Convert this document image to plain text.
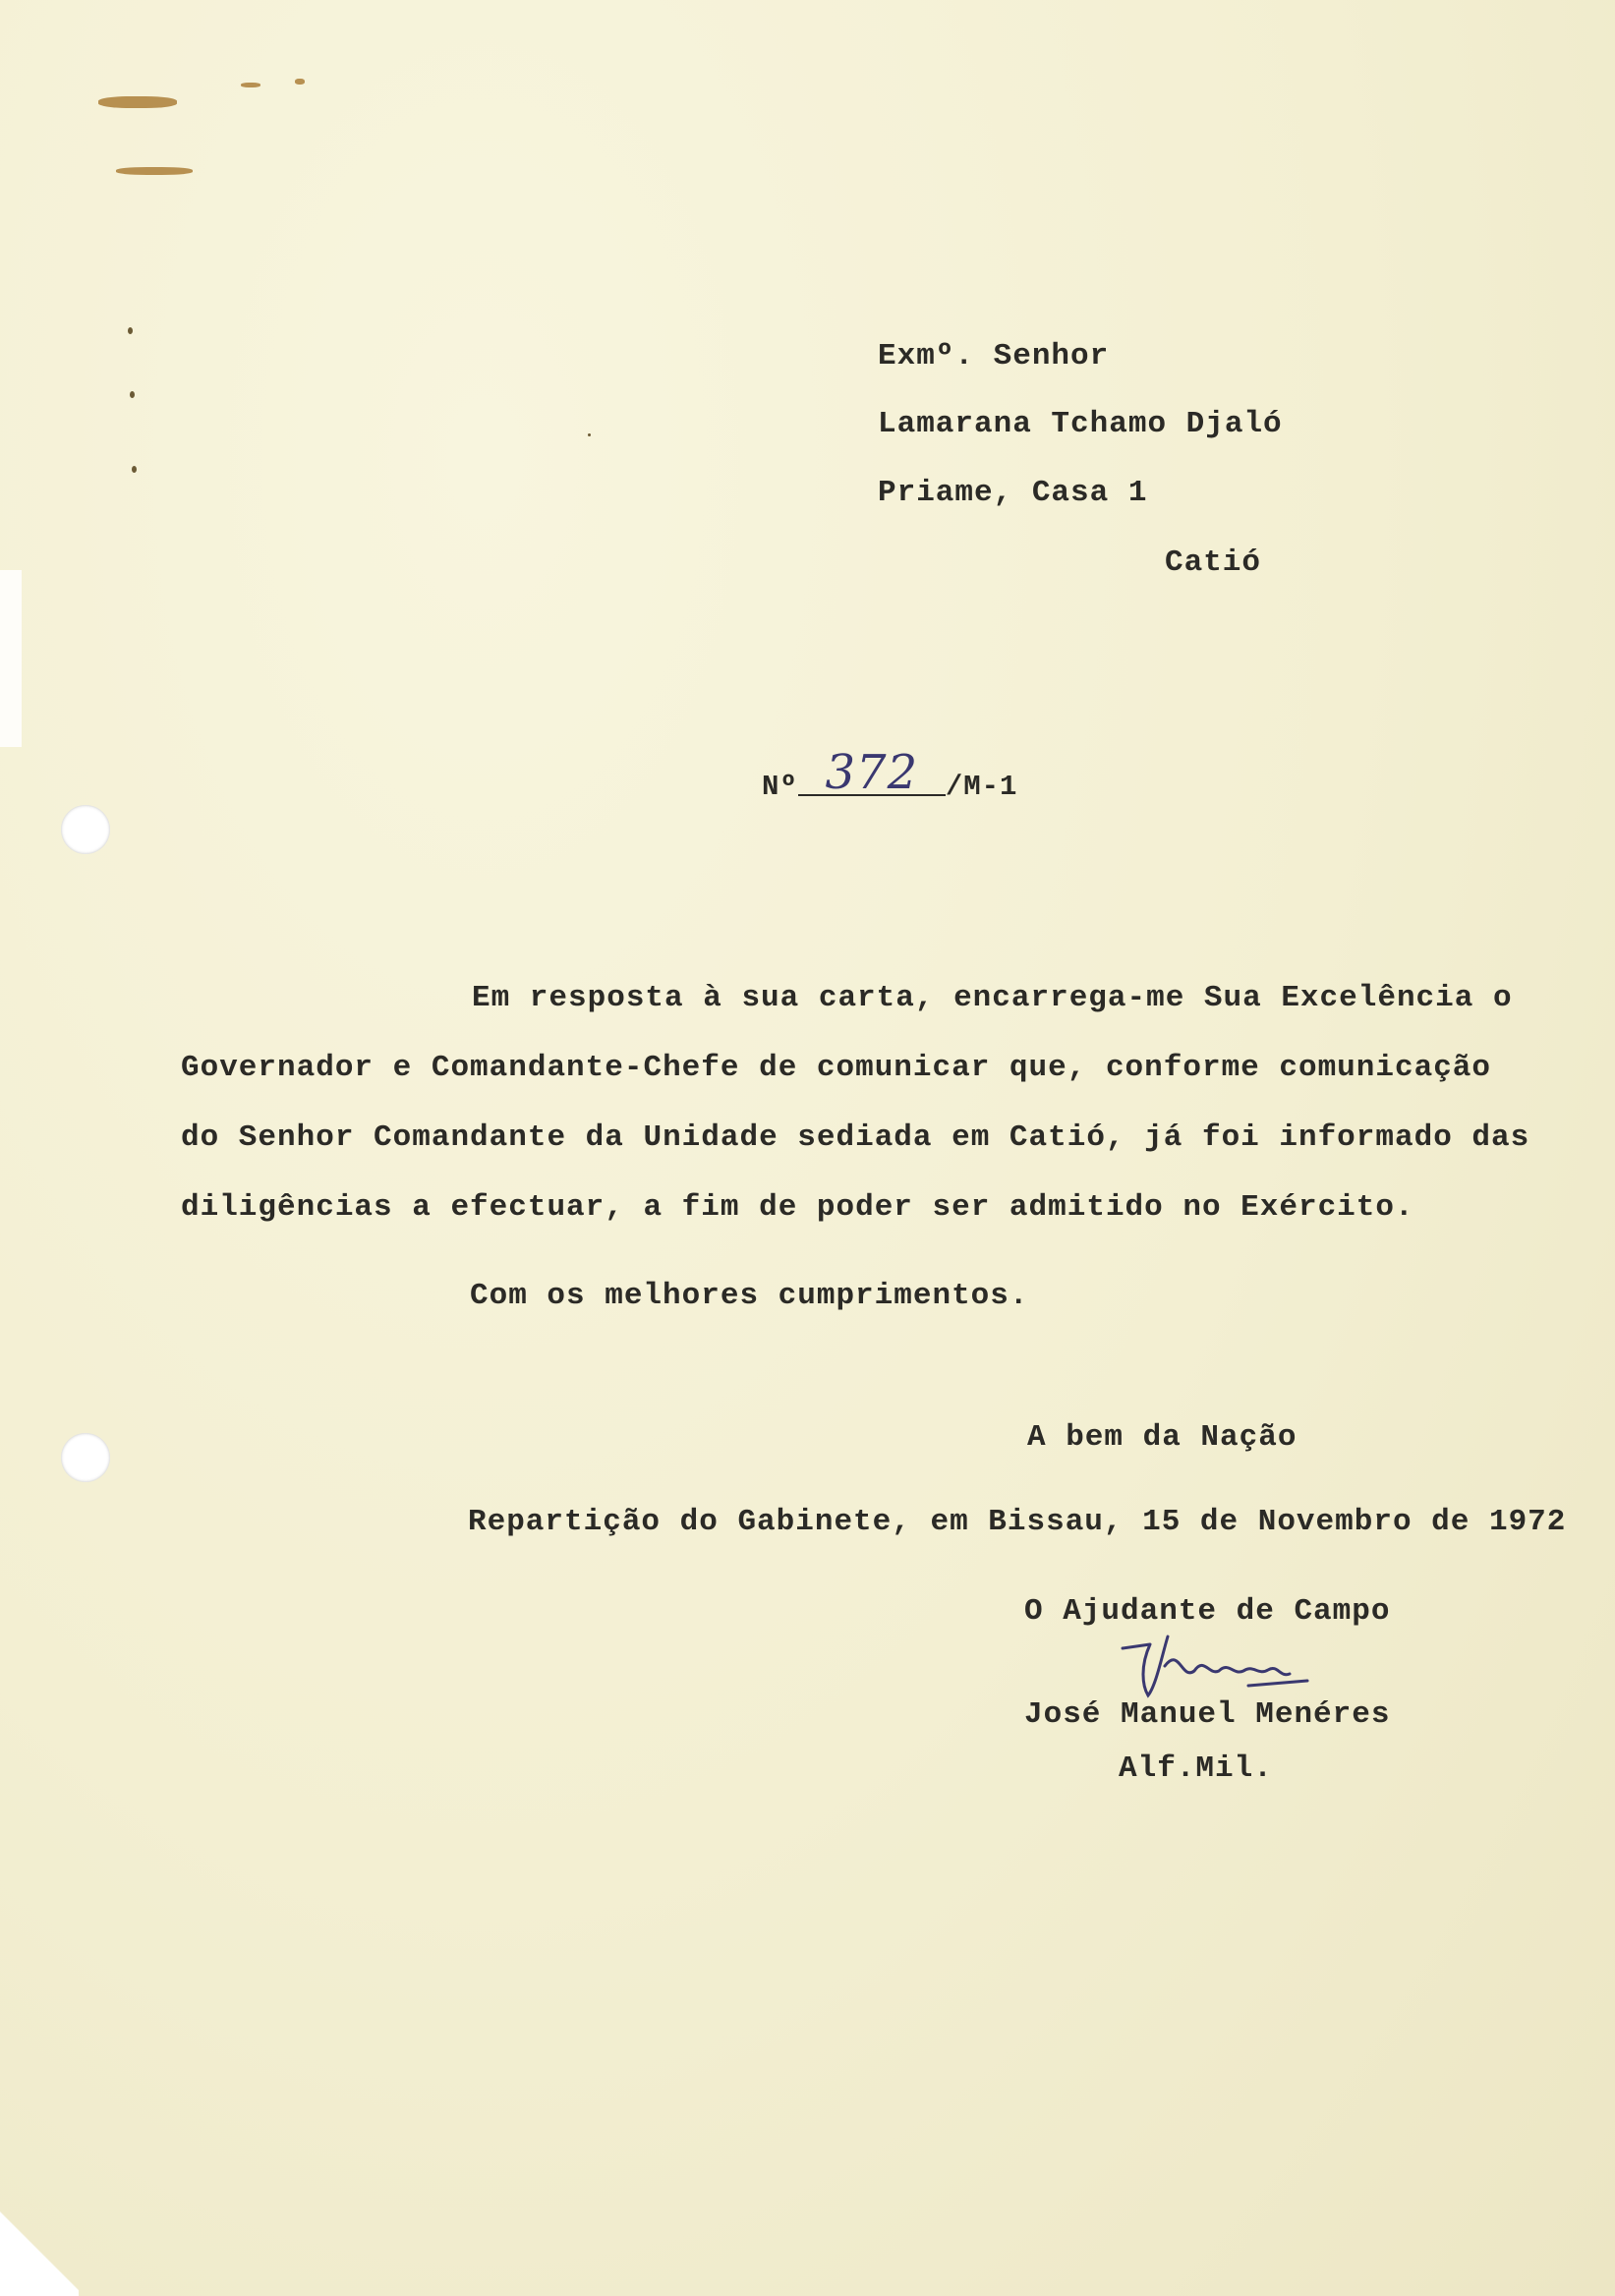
Exmº. Senhor
Lamarana Tchamo Djaló
Priame, Casa 1
Catió
Nº 372 /M-1
Em resposta à sua carta, encarrega-me Sua Excelência o
Governador e Comandante-Chefe de comunicar que, conforme comunicação
do Senhor Comandante da Unidade sediada em Catió, já foi informado das
diligências a efectuar, a fim de poder ser admitido no Exército.
Com os melhores cumprimentos.
A bem da Nação
Repartição do Gabinete, em Bissau, 15 de Novembro de 1972
O Ajudante de Campo
José Manuel Menéres
Alf.Mil.
